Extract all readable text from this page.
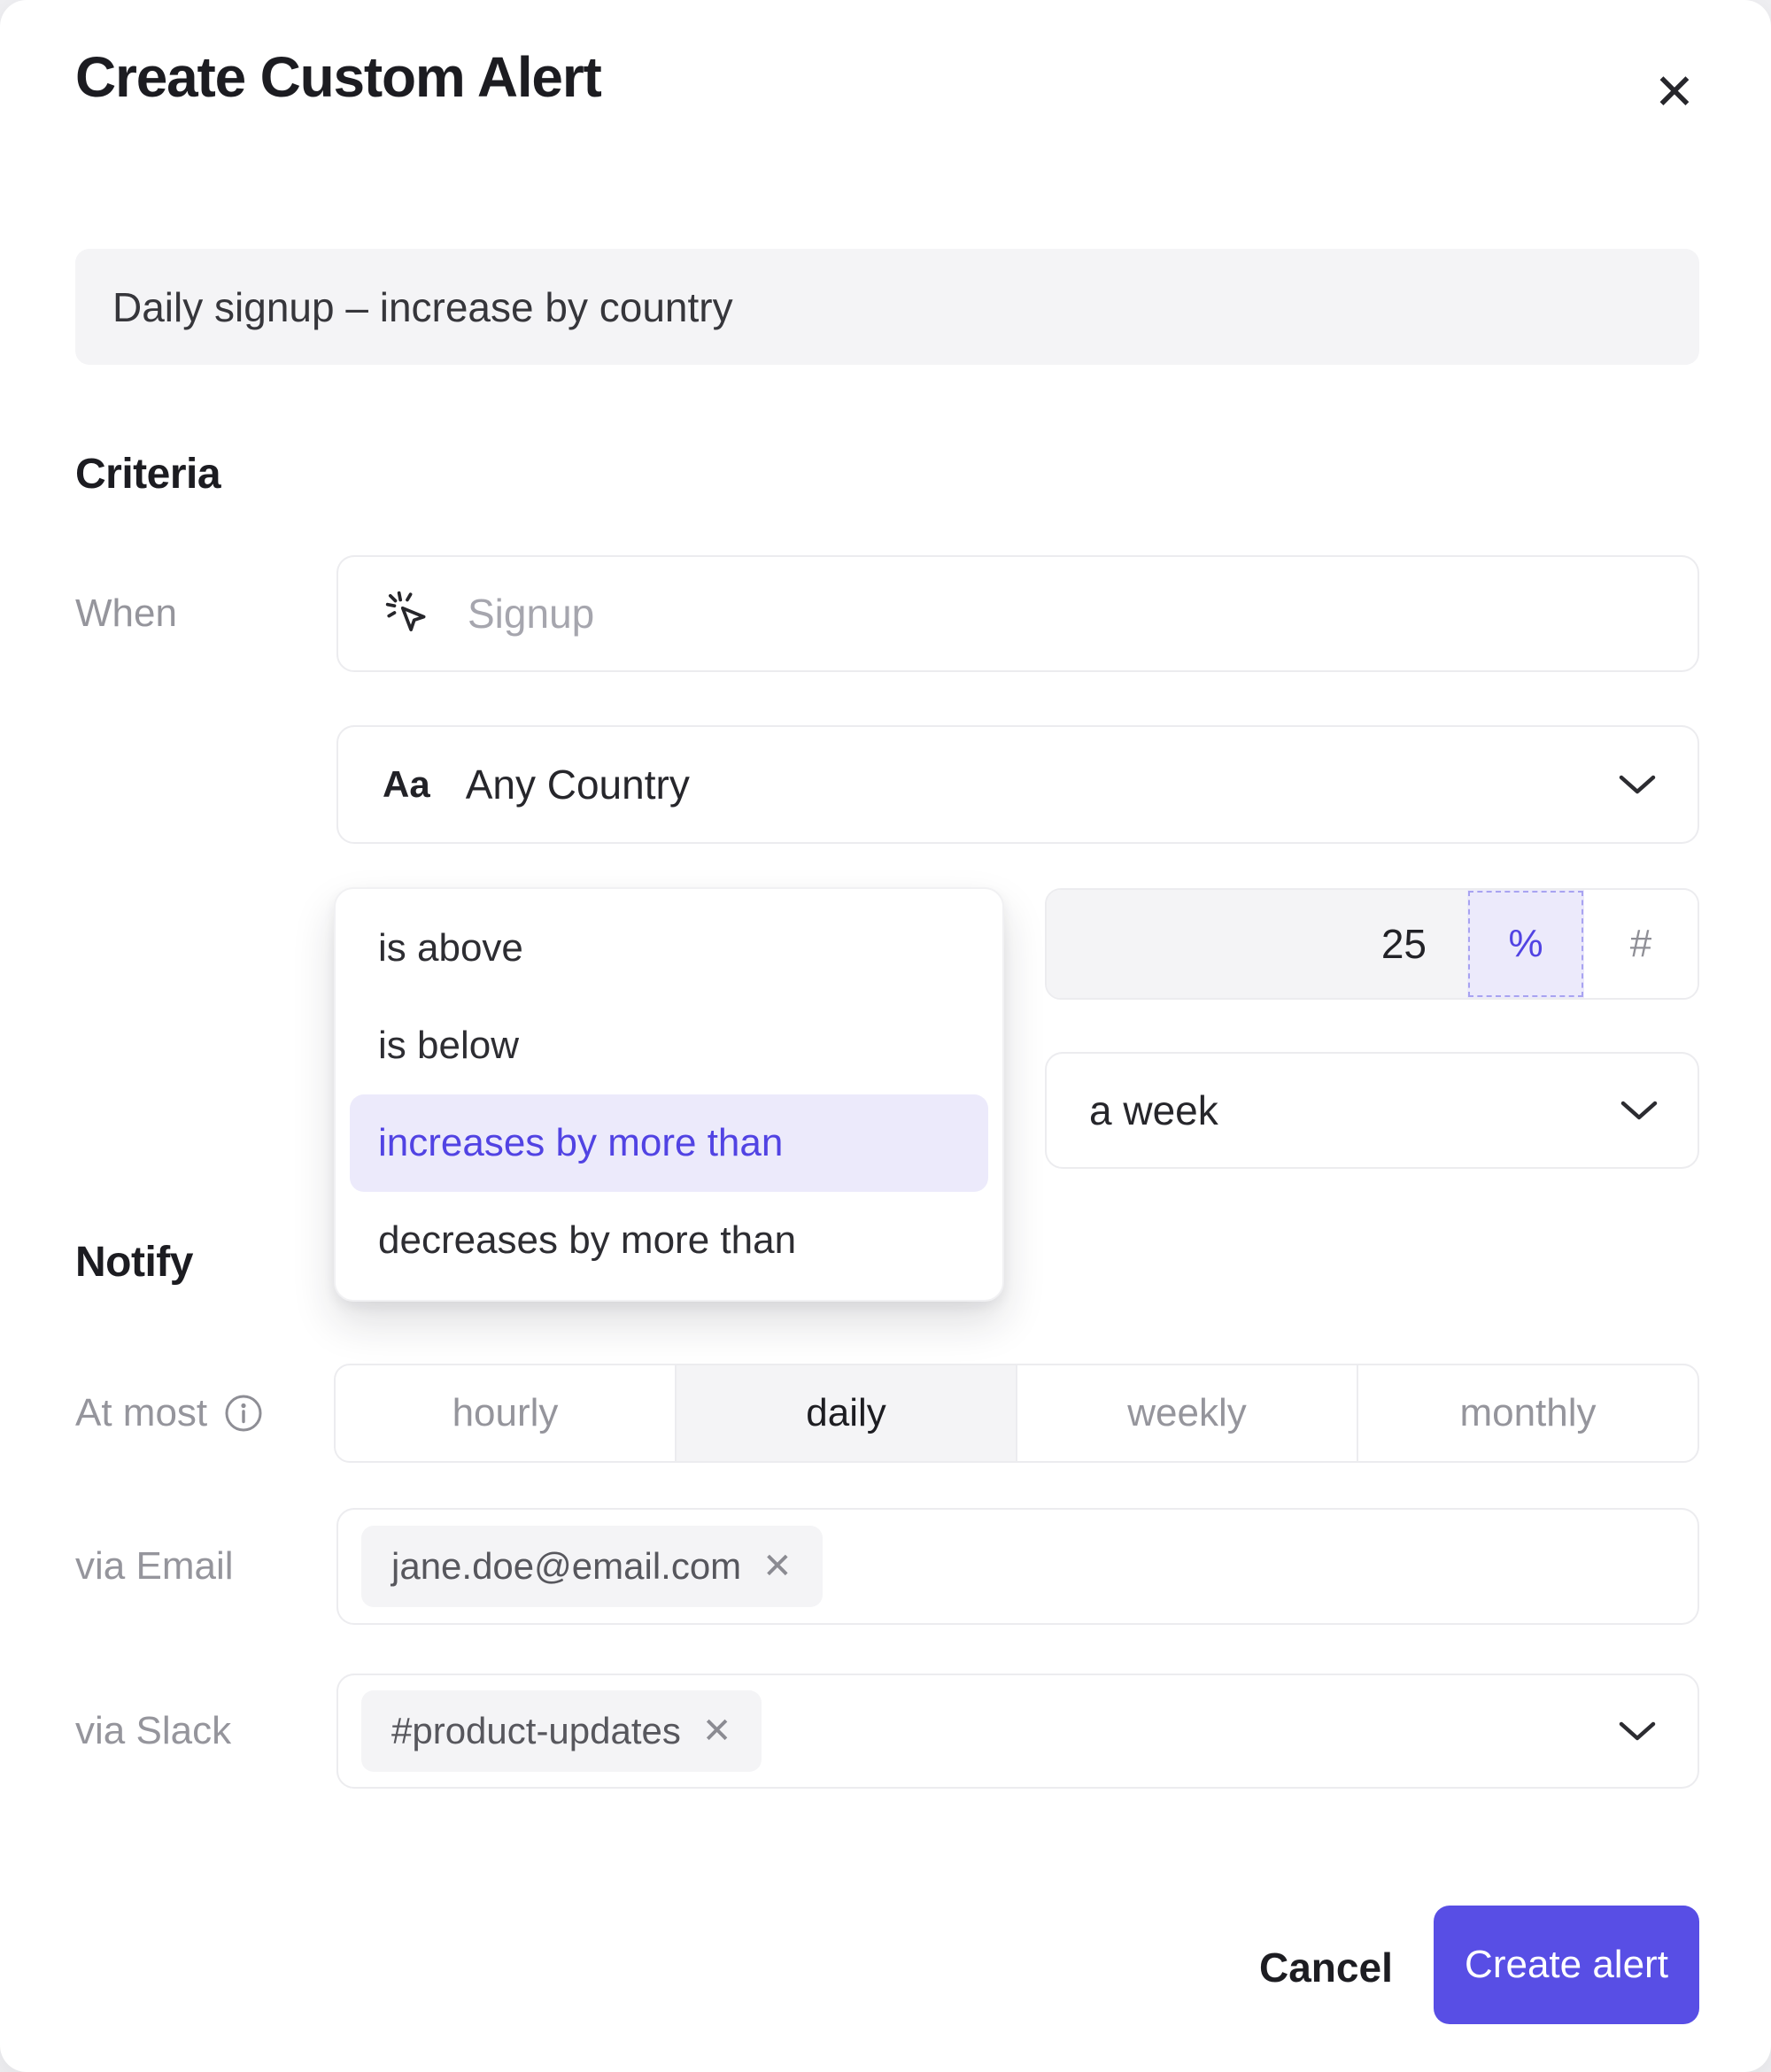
Create Custom Alert	✕
Daily signup – increase by country
Criteria
When
Signup
Aa Any Country
is above
is below
increases by more than
decreases by more than
25
%	#
a week
Notify
At most	hourly	daily	weekly	monthly
via Email	jane.doe@email.com ✕
via Slack	#product-updates ✕
Cancel	Create alert
